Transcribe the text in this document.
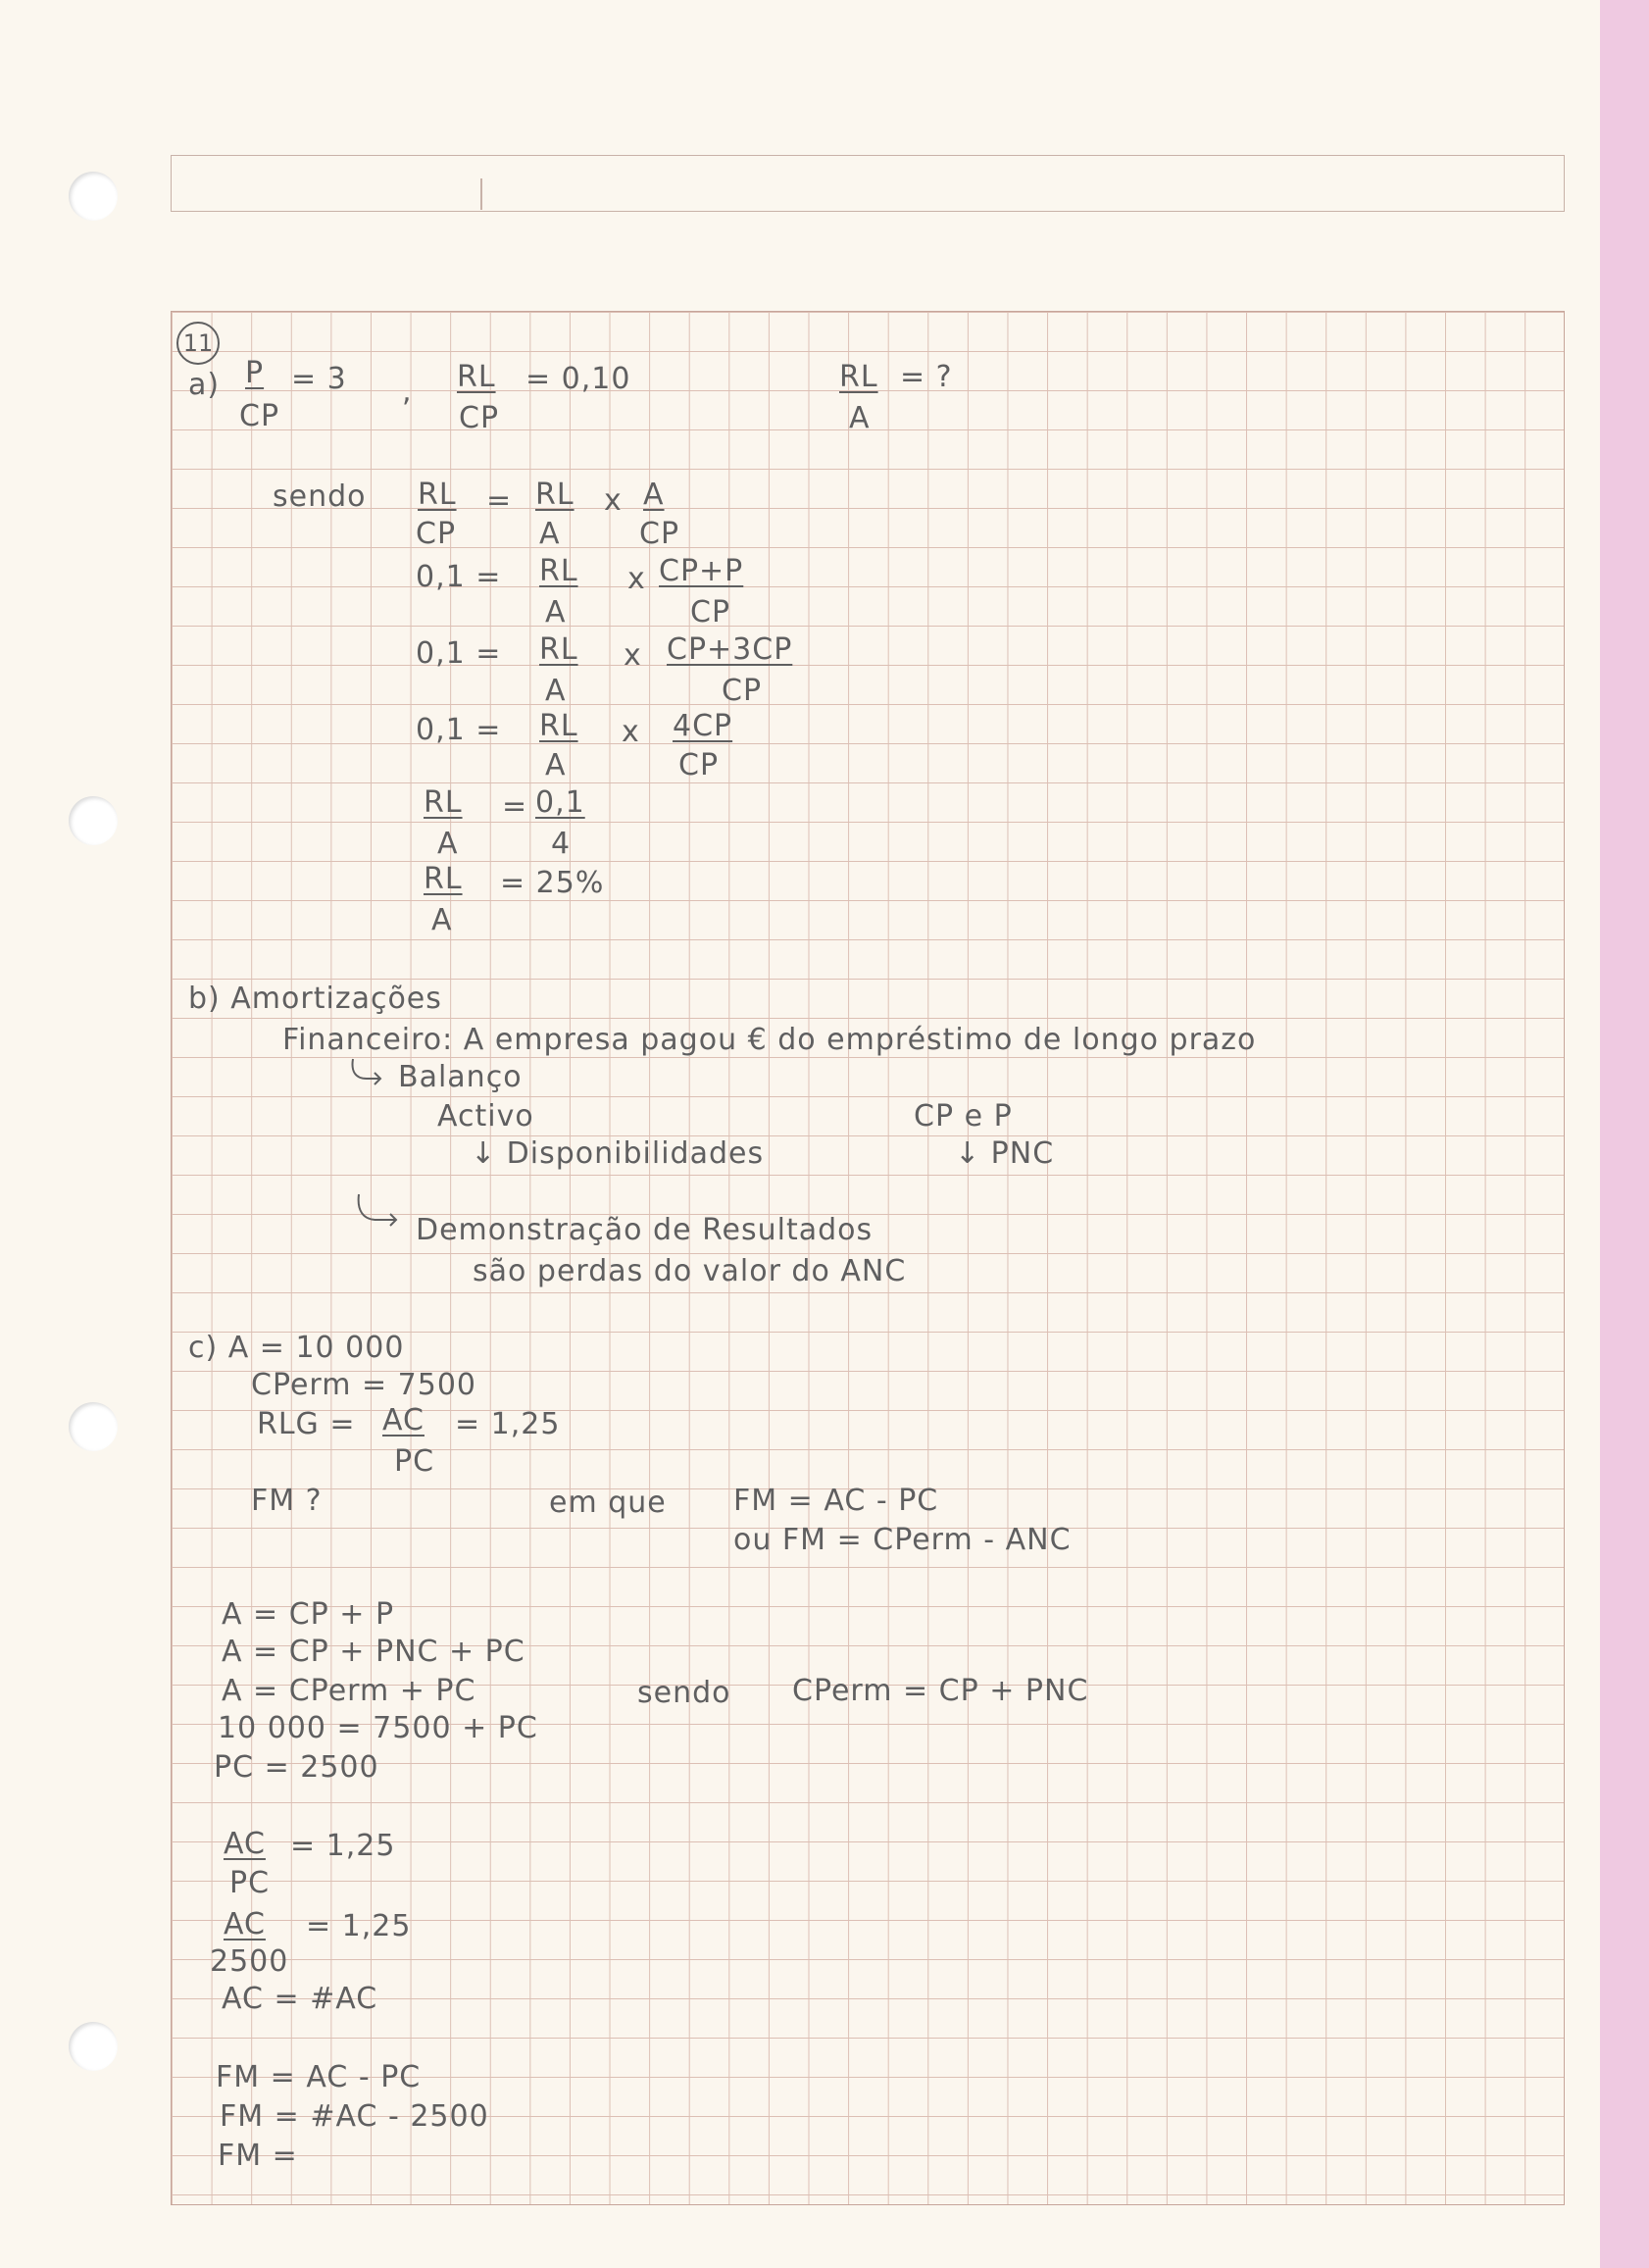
11
a) P
CP
= 3 , RL
CP
= 0,10	RL
A
= ?
sendo RL
CP
= RL
A
x A
CP
0,1 = RL
A
x CP+P
CP
0,1 = RL
A
x CP+3CP
CP
0,1 = RL
A
x 4CP
CP
RL
A
= 0,1
4
RL
A
= 25%
b) Amortizações
Financeiro: A empresa pagou € do empréstimo de longo prazo
Balanço
Activo	CP e P
↓ Disponibilidades	↓ PNC
Demonstração de Resultados
são perdas do valor do ANC
c) A = 10 000
CPerm = 7500
RLG = AC = 1,25
PC
FM ?	em que FM = AC - PC
ou FM = CPerm - ANC
A = CP + P
A = CP + PNC + PC
A = CPerm + PC	sendo CPerm = CP + PNC
10 000 = 7500 + PC
PC = 2500
AC = 1,25
PC
AC = 1,25
2500
AC = #AC
FM = AC - PC
FM = #AC - 2500
FM =
